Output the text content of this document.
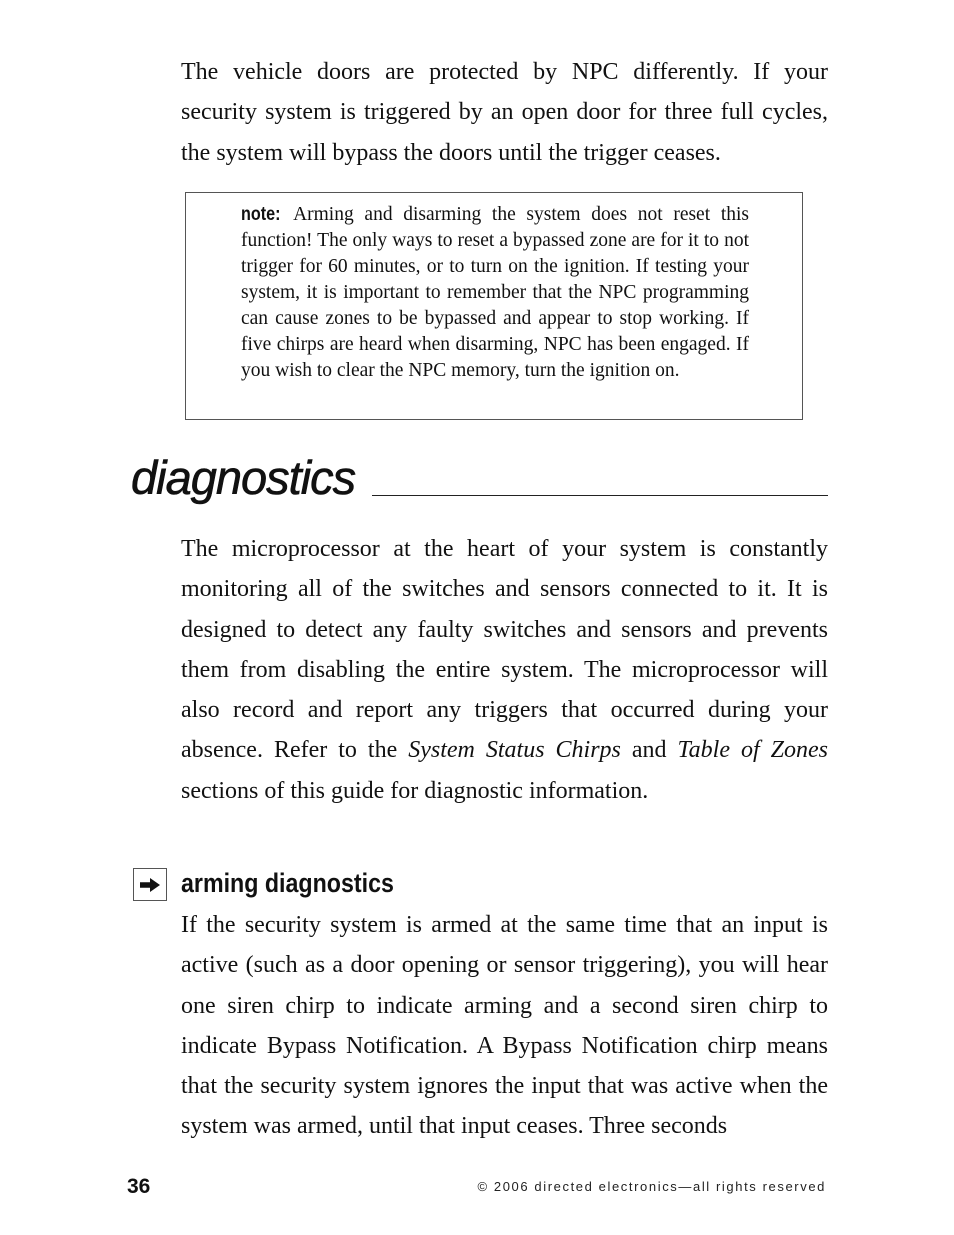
The vehicle doors are protected by NPC differently. If your security system is triggered by an open door for three full cycles, the system will bypass the doors until the trigger ceases.

note: Arming and disarming the system does not reset this function! The only ways to reset a bypassed zone are for it to not trigger for 60 minutes, or to turn on the ignition. If testing your system, it is important to remember that the NPC programming can cause zones to be bypassed and appear to stop working. If five chirps are heard when disarming, NPC has been engaged. If you wish to clear the NPC memory, turn the ignition on.

diagnostics

The microprocessor at the heart of your system is constantly monitoring all of the switches and sensors connected to it. It is designed to detect any faulty switches and sensors and prevents them from disabling the entire system. The microprocessor will also record and report any triggers that occurred during your absence. Refer to the System Status Chirps and Table of Zones sections of this guide for diagnostic information.

arming diagnostics

If the security system is armed at the same time that an input is active (such as a door opening or sensor triggering), you will hear one siren chirp to indicate arming and a second siren chirp to indicate Bypass Notification. A Bypass Notification chirp means that the security system ignores the input that was active when the system was armed, until that input ceases. Three seconds

36	© 2006 directed electronics—all rights reserved
